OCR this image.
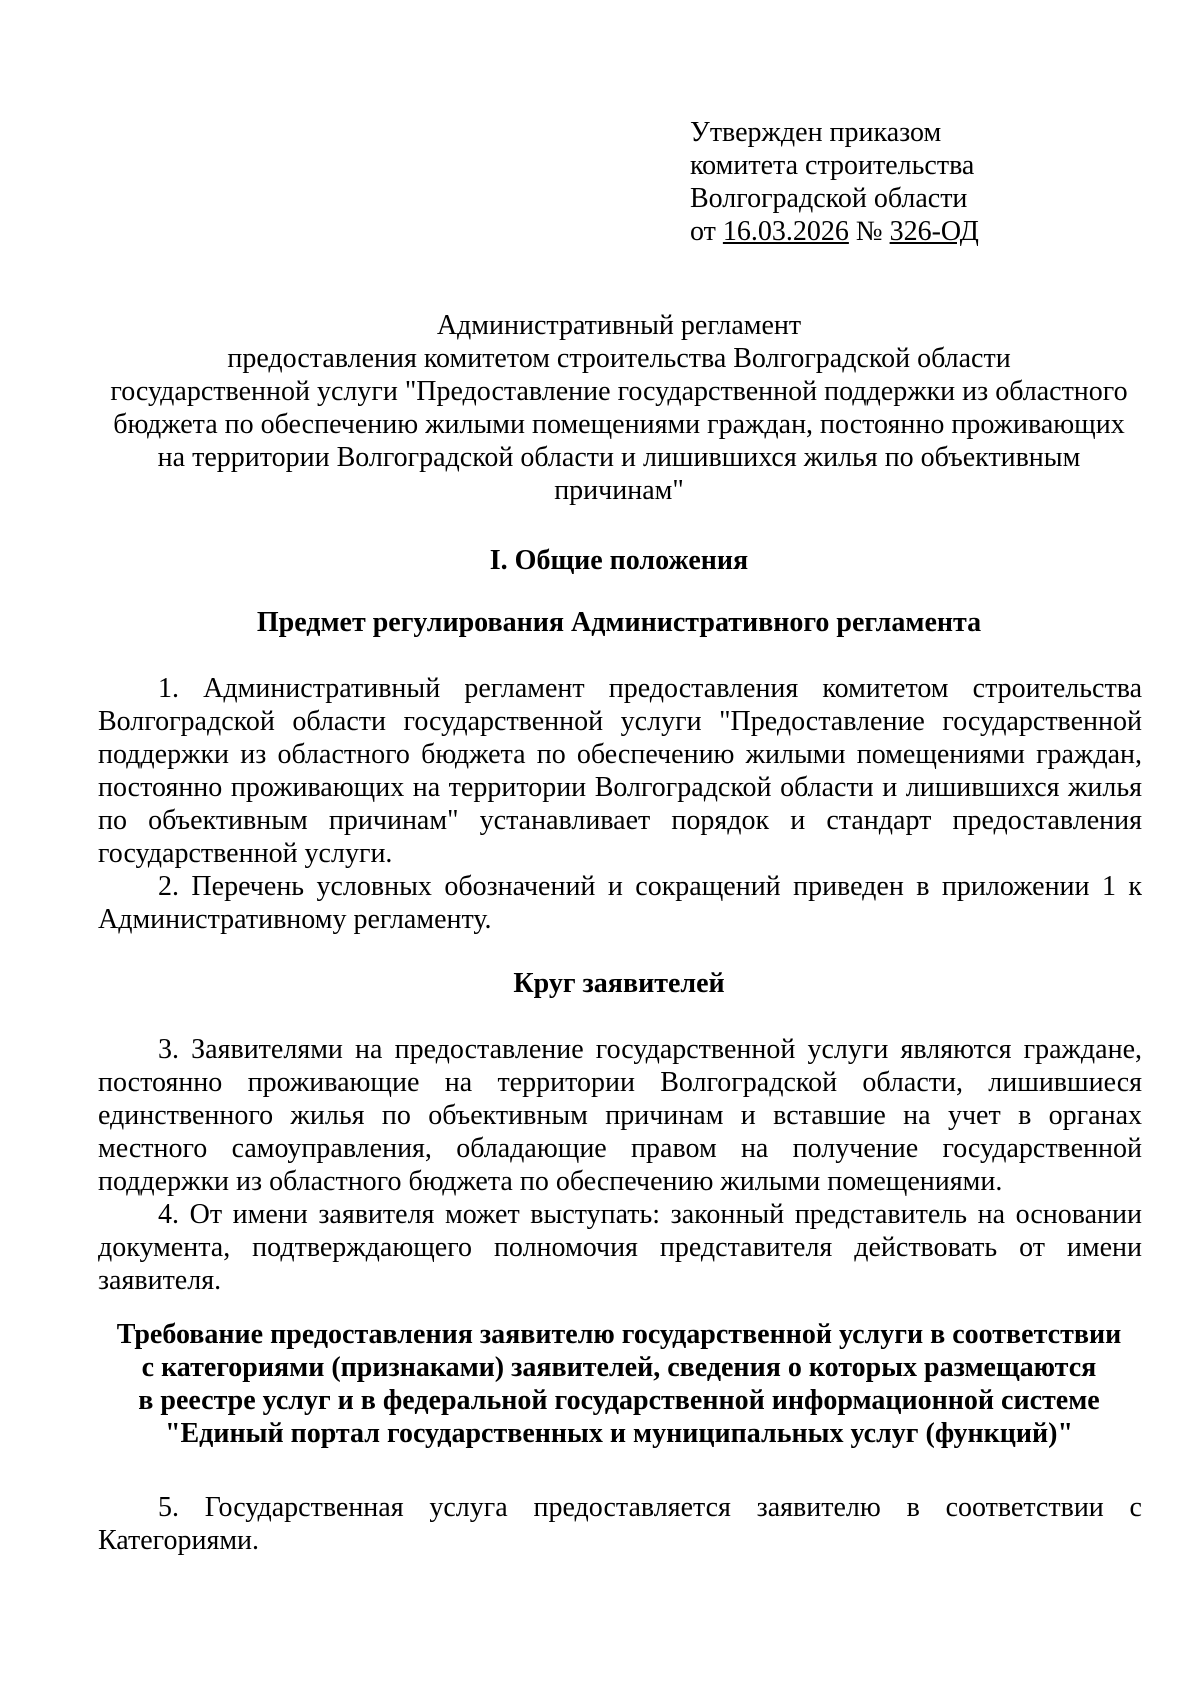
Утвержден приказом
комитета строительства
Волгоградской области
от 16.03.2026 № 326-ОД
Административный регламент
предоставления комитетом строительства Волгоградской области
государственной услуги "Предоставление государственной поддержки из областного
бюджета по обеспечению жилыми помещениями граждан, постоянно проживающих
на территории Волгоградской области и лишившихся жилья по объективным
причинам"
I. Общие положения
Предмет регулирования Административного регламента
1. Административный регламент предоставления комитетом строительства Волгоградской области государственной услуги "Предоставление государственной поддержки из областного бюджета по обеспечению жилыми помещениями граждан, постоянно проживающих на территории Волгоградской области и лишившихся жилья по объективным причинам" устанавливает порядок и стандарт предоставления государственной услуги.
2. Перечень условных обозначений и сокращений приведен в приложении 1 к Административному регламенту.
Круг заявителей
3. Заявителями на предоставление государственной услуги являются граждане, постоянно проживающие на территории Волгоградской области, лишившиеся единственного жилья по объективным причинам и вставшие на учет в органах местного самоуправления, обладающие правом на получение государственной поддержки из областного бюджета по обеспечению жилыми помещениями.
4. От имени заявителя может выступать: законный представитель на основании документа, подтверждающего полномочия представителя действовать от имени заявителя.
Требование предоставления заявителю государственной услуги в соответствии
с категориями (признаками) заявителей, сведения о которых размещаются
в реестре услуг и в федеральной государственной информационной системе
"Единый портал государственных и муниципальных услуг (функций)"
5. Государственная услуга предоставляется заявителю в соответствии с Категориями.
